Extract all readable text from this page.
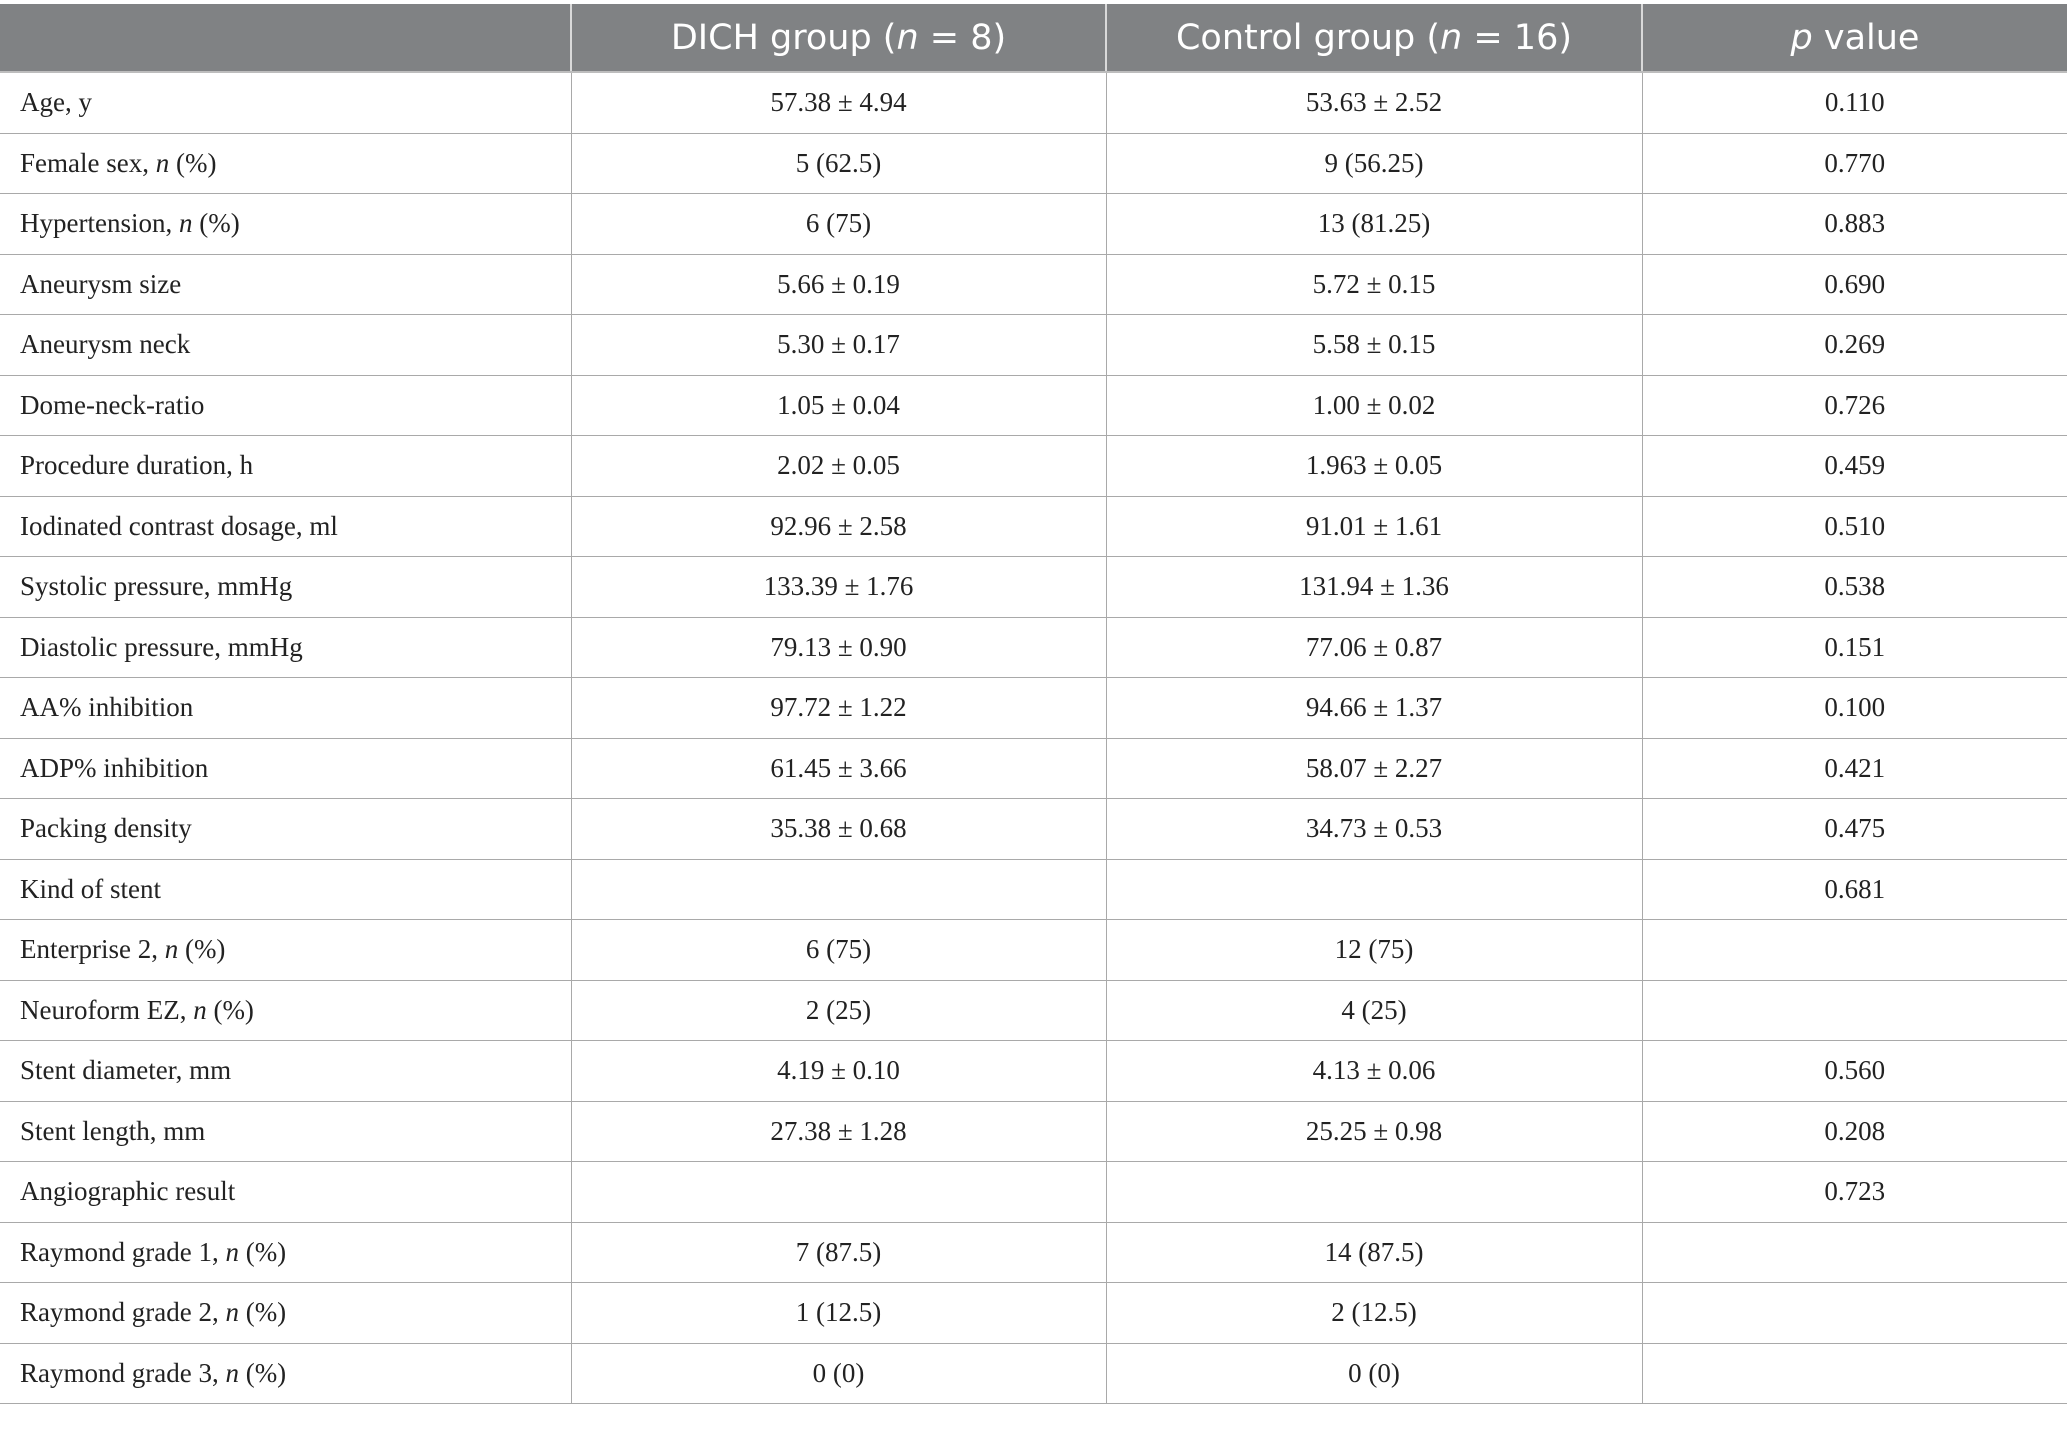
	DICH group (n = 8)	Control group (n = 16)	p value
Age, y	57.38 ± 4.94	53.63 ± 2.52	0.110
Female sex, n (%)	5 (62.5)	9 (56.25)	0.770
Hypertension, n (%)	6 (75)	13 (81.25)	0.883
Aneurysm size	5.66 ± 0.19	5.72 ± 0.15	0.690
Aneurysm neck	5.30 ± 0.17	5.58 ± 0.15	0.269
Dome-neck-ratio	1.05 ± 0.04	1.00 ± 0.02	0.726
Procedure duration, h	2.02 ± 0.05	1.963 ± 0.05	0.459
Iodinated contrast dosage, ml	92.96 ± 2.58	91.01 ± 1.61	0.510
Systolic pressure, mmHg	133.39 ± 1.76	131.94 ± 1.36	0.538
Diastolic pressure, mmHg	79.13 ± 0.90	77.06 ± 0.87	0.151
AA% inhibition	97.72 ± 1.22	94.66 ± 1.37	0.100
ADP% inhibition	61.45 ± 3.66	58.07 ± 2.27	0.421
Packing density	35.38 ± 0.68	34.73 ± 0.53	0.475
Kind of stent			0.681
Enterprise 2, n (%)	6 (75)	12 (75)	
Neuroform EZ, n (%)	2 (25)	4 (25)	
Stent diameter, mm	4.19 ± 0.10	4.13 ± 0.06	0.560
Stent length, mm	27.38 ± 1.28	25.25 ± 0.98	0.208
Angiographic result			0.723
Raymond grade 1, n (%)	7 (87.5)	14 (87.5)	
Raymond grade 2, n (%)	1 (12.5)	2 (12.5)	
Raymond grade 3, n (%)	0 (0)	0 (0)	
